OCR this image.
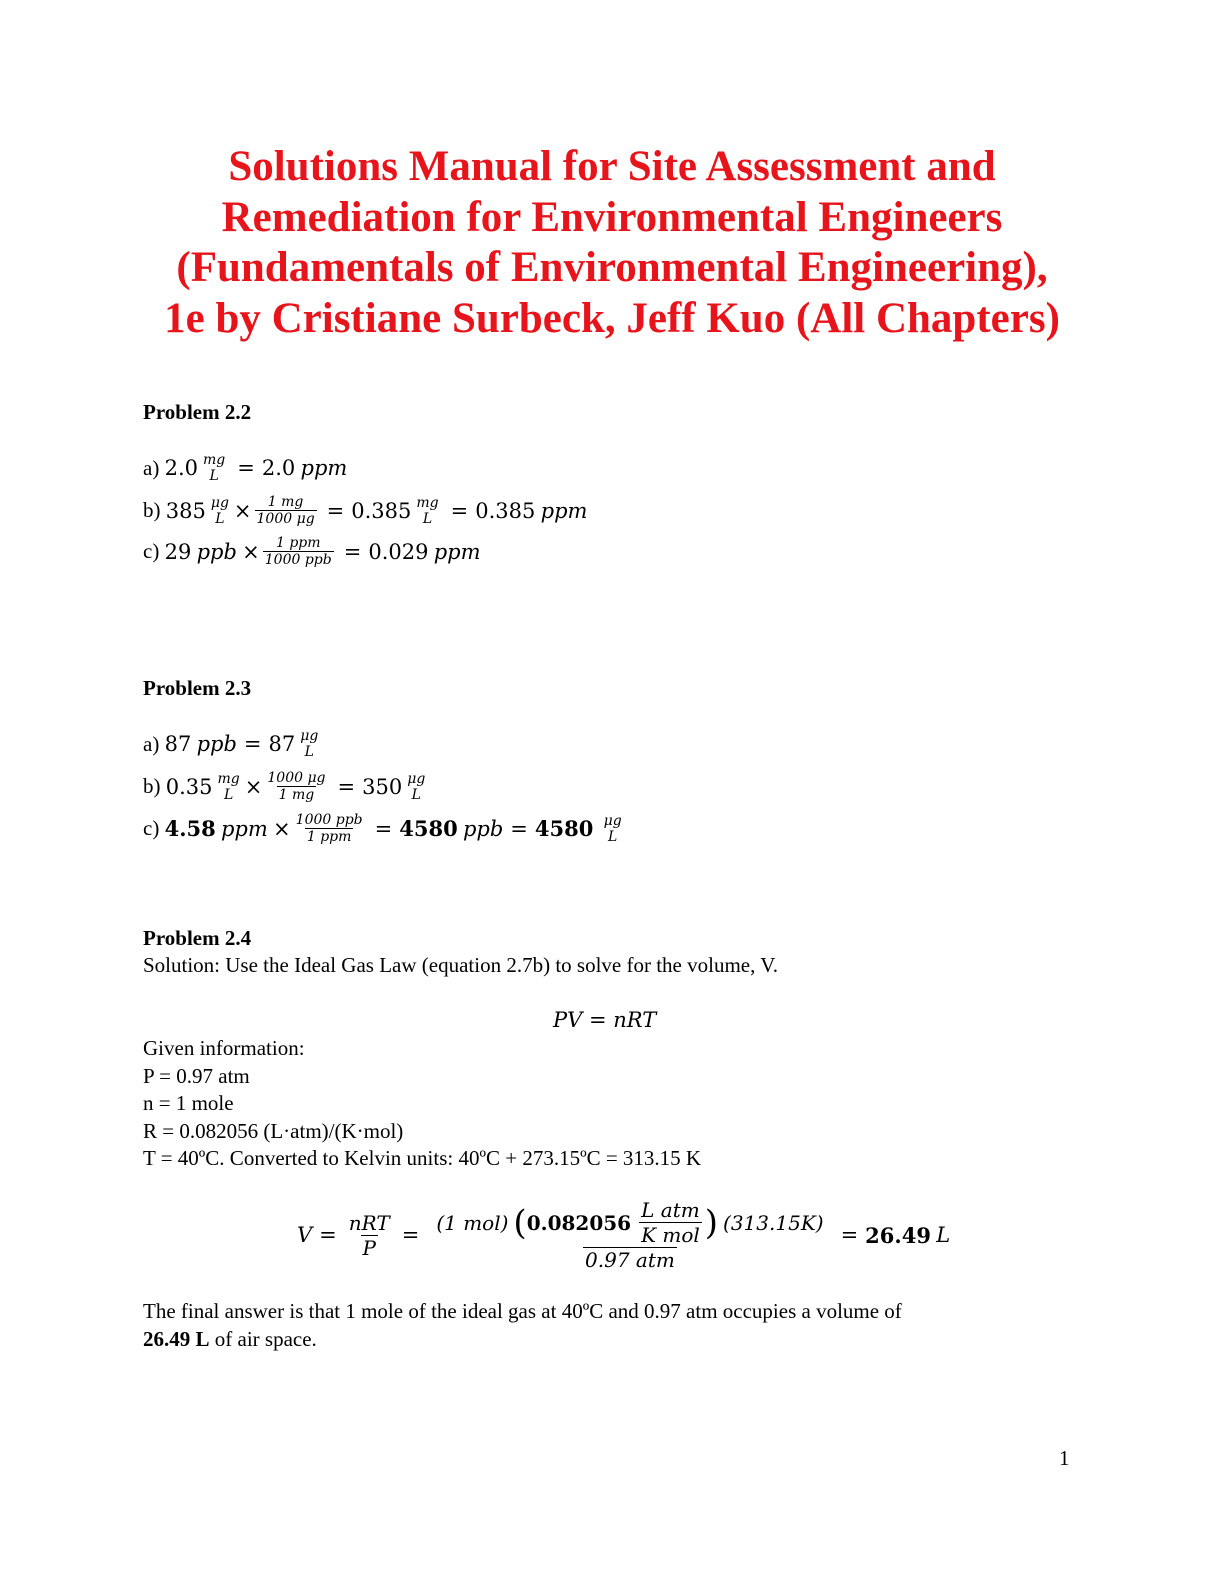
Solutions Manual for Site Assessment and
Remediation for Environmental Engineers
(Fundamentals of Environmental Engineering),
1e by Cristiane Surbeck, Jeff Kuo (All Chapters)

Problem 2.2

a)
2.0 mg
L = 2.0
ppm
b)
385 μg
$L \times \frac{1 mg}{1000 \mu g} = 0.385$ mg
L = 0.385
ppm
c)
29
ppb
× $\frac{\text{1 ppm}}{\text{1000 ppb}} = 0.029$
ppm

Problem 2.3

a)
87
ppb = 87 μg
L
b)
0.35 mg
$L \times \frac{1000 \mu g}{1 mg} = 350$ μg
L
c)
4.58
ppm
× $\frac{\text{1000 ppb}}{\text{1 ppm}} = 4580$
ppb = 4580
μg
L

Problem 2.4

Solution: Use the Ideal Gas Law (equation 2.7b) to solve for the volume, V.

PV = nRT
Given information:
P = 0.97 atm
n = 1 mole
R = 0.082056 (L·atm)/(K·mol)
T = 40ºC. Converted to Kelvin units: 40ºC + 273.15ºC = 313.15 K
$V = \frac{\text{nRT}}{P}$ =
(1 mol)
( 0.082056
$\frac{\text{L atm}}{\text{K mol}}$ )
(313.15K)
0.97 atm
= 26.49
L

The final answer is that 1 mole of the ideal gas at 40ºC and 0.97 atm occupies a volume of
26.49 L of air space.

1
